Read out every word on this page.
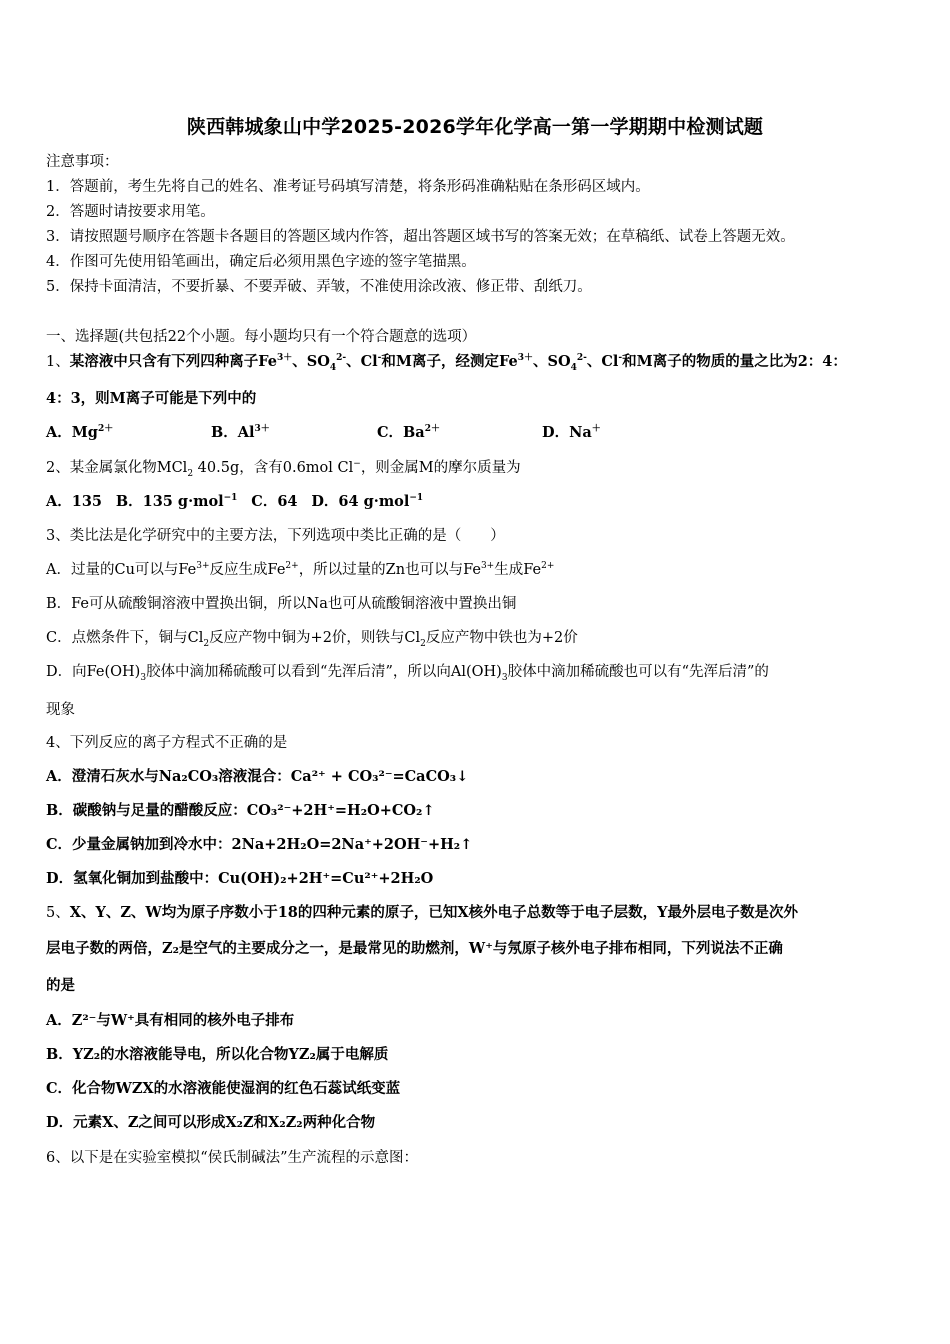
陕西韩城象山中学2025-2026学年化学高一第一学期期中检测试题
注意事项：
1．答题前，考生先将自己的姓名、准考证号码填写清楚，将条形码准确粘贴在条形码区域内。
2．答题时请按要求用笔。
3．请按照题号顺序在答题卡各题目的答题区域内作答，超出答题区域书写的答案无效；在草稿纸、试卷上答题无效。
4．作图可先使用铅笔画出，确定后必须用黑色字迹的签字笔描黑。
5．保持卡面清洁，不要折暴、不要弄破、弄皱，不准使用涂改液、修正带、刮纸刀。
一、选择题(共包括22个小题。每小题均只有一个符合题意的选项）
1、某溶液中只含有下列四种离子$Fe^{3+}$、$SO_4^{2-}$、Cl-和M离子，经测定$Fe^{3+}$、$SO_4^{2-}$、Cl-和M离子的物质的量之比为2：4：
4：3，则M离子可能是下列中的
A．$Mg^{2+}$	B．$Al^{3+}$	C．$Ba^{2+}$	D．Na＋
2、某金属氯化物MCl$_2$ 40.5g，含有0.6mol Cl−，则金属M的摩尔质量为
A．135 B．135 g·mol$^{-1}$ C．64 D．64 g·mol$^{-1}$
3、类比法是化学研究中的主要方法，下列选项中类比正确的是（　　）
A．过量的Cu可以与$Fe^{3+}$反应生成$Fe^{2+}$，所以过量的Zn也可以与$Fe^{3+}$生成$Fe^{2+}$
B．Fe可从硫酸铜溶液中置换出铜，所以Na也可从硫酸铜溶液中置换出铜
C．点燃条件下，铜与$Cl_2$反应产物中铜为+2价，则铁与$Cl_2$反应产物中铁也为+2价
D．向$Fe(OH)_3$胶体中滴加稀硫酸可以看到“先浑后清”，所以向$Al(OH)_3$胶体中滴加稀硫酸也可以有“先浑后清”的
现象
4、下列反应的离子方程式不正确的是
A．澄清石灰水与Na₂CO₃溶液混合：Ca²⁺ + CO₃²⁻=CaCO₃↓
B．碳酸钠与足量的醋酸反应：CO₃²⁻+2H⁺=H₂O+CO₂↑
C．少量金属钠加到冷水中：2Na+2H₂O=2Na⁺+2OH⁻+H₂↑
D．氢氧化铜加到盐酸中：Cu(OH)₂+2H⁺=Cu²⁺+2H₂O
5、X、Y、Z、W均为原子序数小于18的四种元素的原子，已知X核外电子总数等于电子层数，Y最外层电子数是次外
层电子数的两倍，Z₂是空气的主要成分之一，是最常见的助燃剂，W⁺与氖原子核外电子排布相同，下列说法不正确
的是
A．Z²⁻与W⁺具有相同的核外电子排布
B．YZ₂的水溶液能导电，所以化合物YZ₂属于电解质
C．化合物WZX的水溶液能使湿润的红色石蕊试纸变蓝
D．元素X、Z之间可以形成X₂Z和X₂Z₂两种化合物
6、以下是在实验室模拟“侯氏制碱法”生产流程的示意图：
